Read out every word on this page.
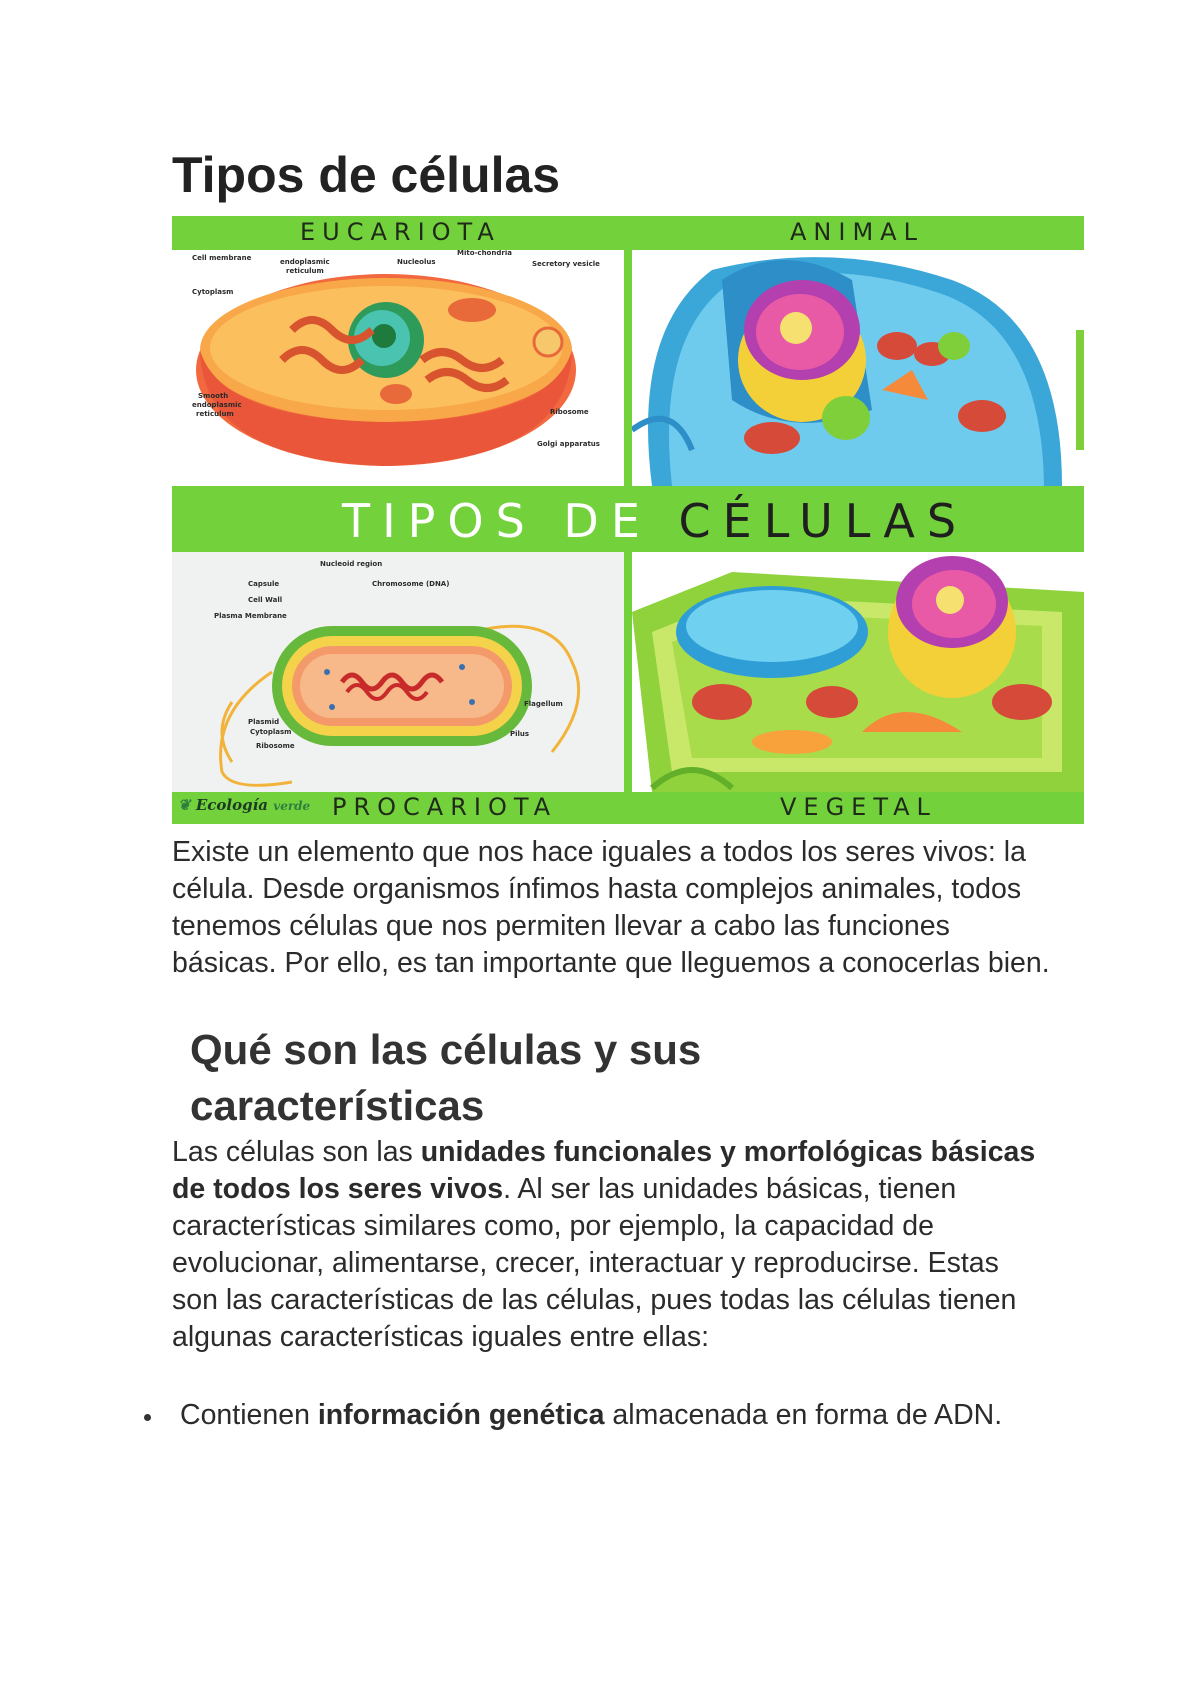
Tipos de células
EUCARIOTA	ANIMAL
Cell membrane	endoplasmic
reticulum
Nucleolus
Mito-chondria
Secretory vesicle
Cytoplasm
Smooth
endoplasmic
reticulum	Ribosome
Golgi apparatus
TIPOS DE CÉLULAS
Nucleoid region
Capsule	Chromosome (DNA)
Cell Wall
Plasma Membrane
Flagellum
Plasmid
Cytoplasm
Ribosome
Pilus
PROCARIOTA	VEGETAL
❦ Ecología verde

Existe un elemento que nos hace iguales a todos los seres vivos: la célula. Desde organismos ínfimos hasta complejos animales, todos tenemos células que nos permiten llevar a cabo las funciones básicas. Por ello, es tan importante que lleguemos a conocerlas bien.

Qué son las células y sus características

Las células son las unidades funcionales y morfológicas básicas de todos los seres vivos. Al ser las unidades básicas, tienen características similares como, por ejemplo, la capacidad de evolucionar, alimentarse, crecer, interactuar y reproducirse. Estas son las características de las células, pues todas las células tienen algunas características iguales entre ellas:

Contienen información genética almacenada en forma de ADN.
